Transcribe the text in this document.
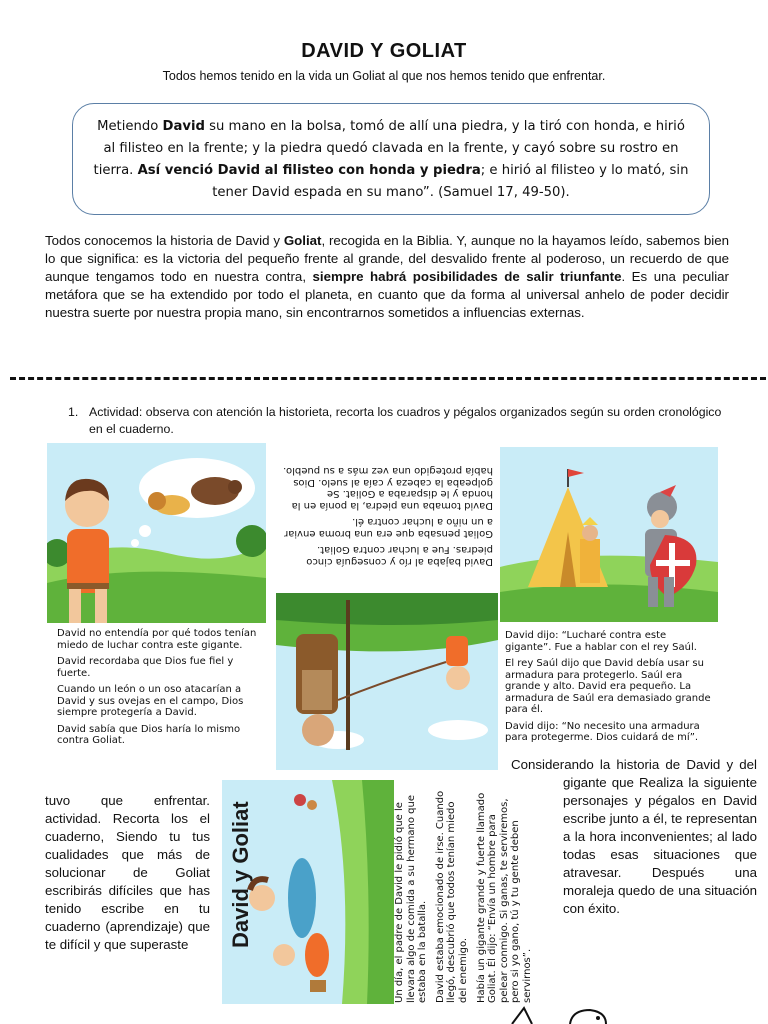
DAVID Y GOLIAT
Todos hemos tenido en la vida un Goliat al que nos hemos tenido que enfrentar.
Metiendo David su mano en la bolsa, tomó de allí una piedra, y la tiró con honda, e hirió al filisteo en la frente; y la piedra quedó clavada en la frente, y cayó sobre su rostro en tierra. Así venció David al filisteo con honda y piedra; e hirió al filisteo y lo mató, sin tener David espada en su mano”. (Samuel 17, 49-50).
Todos conocemos la historia de David y Goliat, recogida en la Biblia. Y, aunque no la hayamos leído, sabemos bien lo que significa: es la victoria del pequeño frente al grande, del desvalido frente al poderoso, un recuerdo de que aunque tengamos todo en nuestra contra, siempre habrá posibilidades de salir triunfante. Es una peculiar metáfora que se ha extendido por todo el planeta, en cuanto que da forma al universal anhelo de poder decidir nuestra suerte por nuestra propia mano, sin encontrarnos sometidos a influencias externas.
1. Actividad: observa con atención la historieta, recorta los cuadros y pégalos organizados según su orden cronológico en el cuaderno.

David no entendía por qué todos tenían miedo de luchar contra este gigante.

David recordaba que Dios fue fiel y fuerte.

Cuando un león o un oso atacarían a David y sus ovejas en el campo, Dios siempre protegería a David.

David sabía que Dios haría lo mismo contra Goliat.

David bajaba al río y conseguía cinco piedras. Fue a luchar contra Goliat.

Goliat pensaba que era una broma enviar a un niño a luchar contra él.

David tomaba una piedra, la ponía en la honda y le disparaba a Goliat. Se golpeaba la cabeza y caía al suelo. Dios había protegido una vez más a su pueblo.

David dijo: “Lucharé contra este gigante”. Fue a hablar con el rey Saúl.

El rey Saúl dijo que David debía usar su armadura para protegerlo. Saúl era grande y alto. David era pequeño. La armadura de Saúl era demasiado grande para él.

David dijo: “No necesito una armadura para protegerme. Dios cuidará de mí”.

David y Goliat	Un día, el padre de David le pidió que le llevara algo de comida a su hermano que estaba en la batalla. David estaba emocionado de irse. Cuando llegó, descubrió que todos tenían miedo del enemigo. Había un gigante grande y fuerte llamado Goliat. Él dijo: “Envía un hombre para pelear conmigo. Si ganas, te serviremos, pero si yo gano, tú y tu gente deben servirnos”.

tuvo que enfrentar. actividad. Recorta los el cuaderno, Siendo tu tus cualidades que más de solucionar de Goliat escribirás difíciles que has tenido escribe en tu cuaderno (aprendizaje) que te difícil y que superaste
Considerando la historia de David y del gigante que Realiza la siguiente personajes y pégalos en David escribe junto a él, te representan a la hora inconvenientes; al lado todas esas situaciones que atravesar. Después una moraleja quedo de una situación con éxito.
